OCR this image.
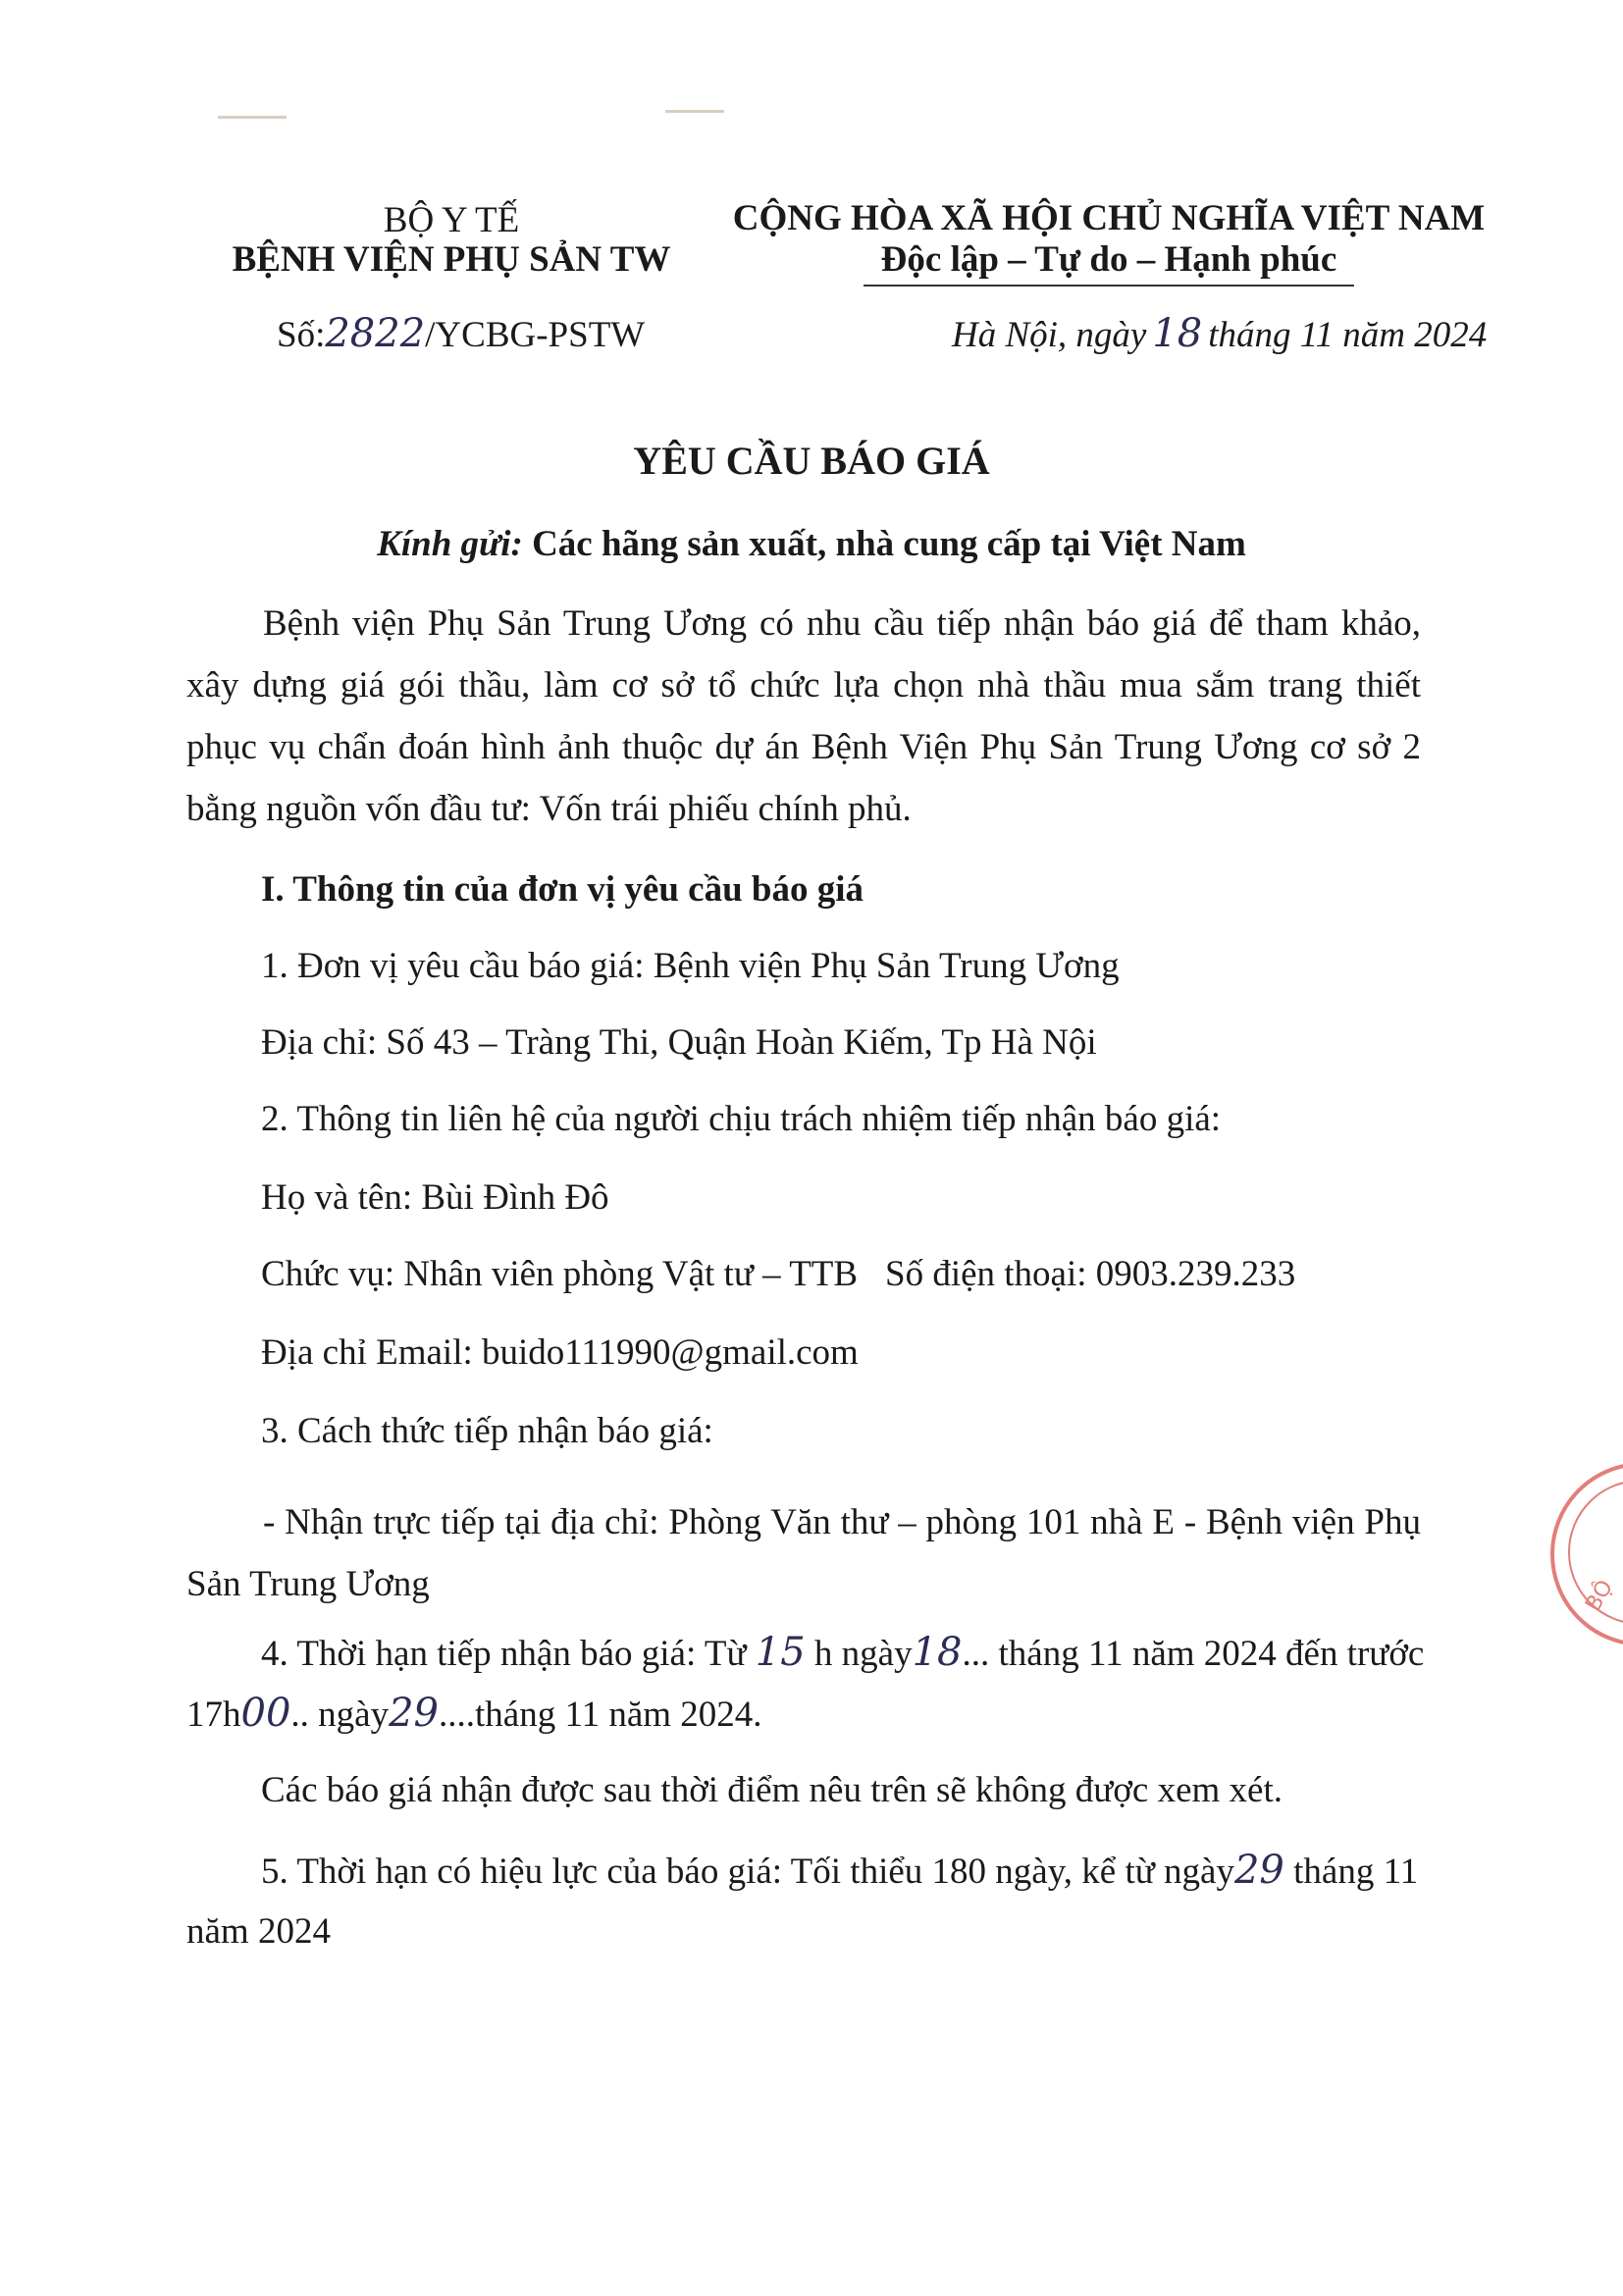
BỘ Y TẾ
BỆNH VIỆN PHỤ SẢN TW
CỘNG HÒA XÃ HỘI CHỦ NGHĨA VIỆT NAM
Độc lập – Tự do – Hạnh phúc
Số:2822/YCBG-PSTW	Hà Nội, ngày 18 tháng 11 năm 2024
YÊU CẦU BÁO GIÁ
Kính gửi: Các hãng sản xuất, nhà cung cấp tại Việt Nam
Bệnh viện Phụ Sản Trung Ương có nhu cầu tiếp nhận báo giá để tham khảo, xây dựng giá gói thầu, làm cơ sở tổ chức lựa chọn nhà thầu mua sắm trang thiết phục vụ chẩn đoán hình ảnh thuộc dự án Bệnh Viện Phụ Sản Trung Ương cơ sở 2 bằng nguồn vốn đầu tư: Vốn trái phiếu chính phủ.
I. Thông tin của đơn vị yêu cầu báo giá
1. Đơn vị yêu cầu báo giá: Bệnh viện Phụ Sản Trung Ương
Địa chỉ: Số 43 – Tràng Thi, Quận Hoàn Kiếm, Tp Hà Nội
2. Thông tin liên hệ của người chịu trách nhiệm tiếp nhận báo giá:
Họ và tên: Bùi Đình Đô
Chức vụ: Nhân viên phòng Vật tư – TTB Số điện thoại: 0903.239.233
Địa chỉ Email: buido111990@gmail.com
3. Cách thức tiếp nhận báo giá:
- Nhận trực tiếp tại địa chỉ: Phòng Văn thư – phòng 101 nhà E - Bệnh viện Phụ Sản Trung Ương
4. Thời hạn tiếp nhận báo giá: Từ 15 h ngày18... tháng 11 năm 2024 đến trước
17h00.. ngày29....tháng 11 năm 2024.
Các báo giá nhận được sau thời điểm nêu trên sẽ không được xem xét.
5. Thời hạn có hiệu lực của báo giá: Tối thiểu 180 ngày, kể từ ngày29 tháng 11
năm 2024
BỘ
